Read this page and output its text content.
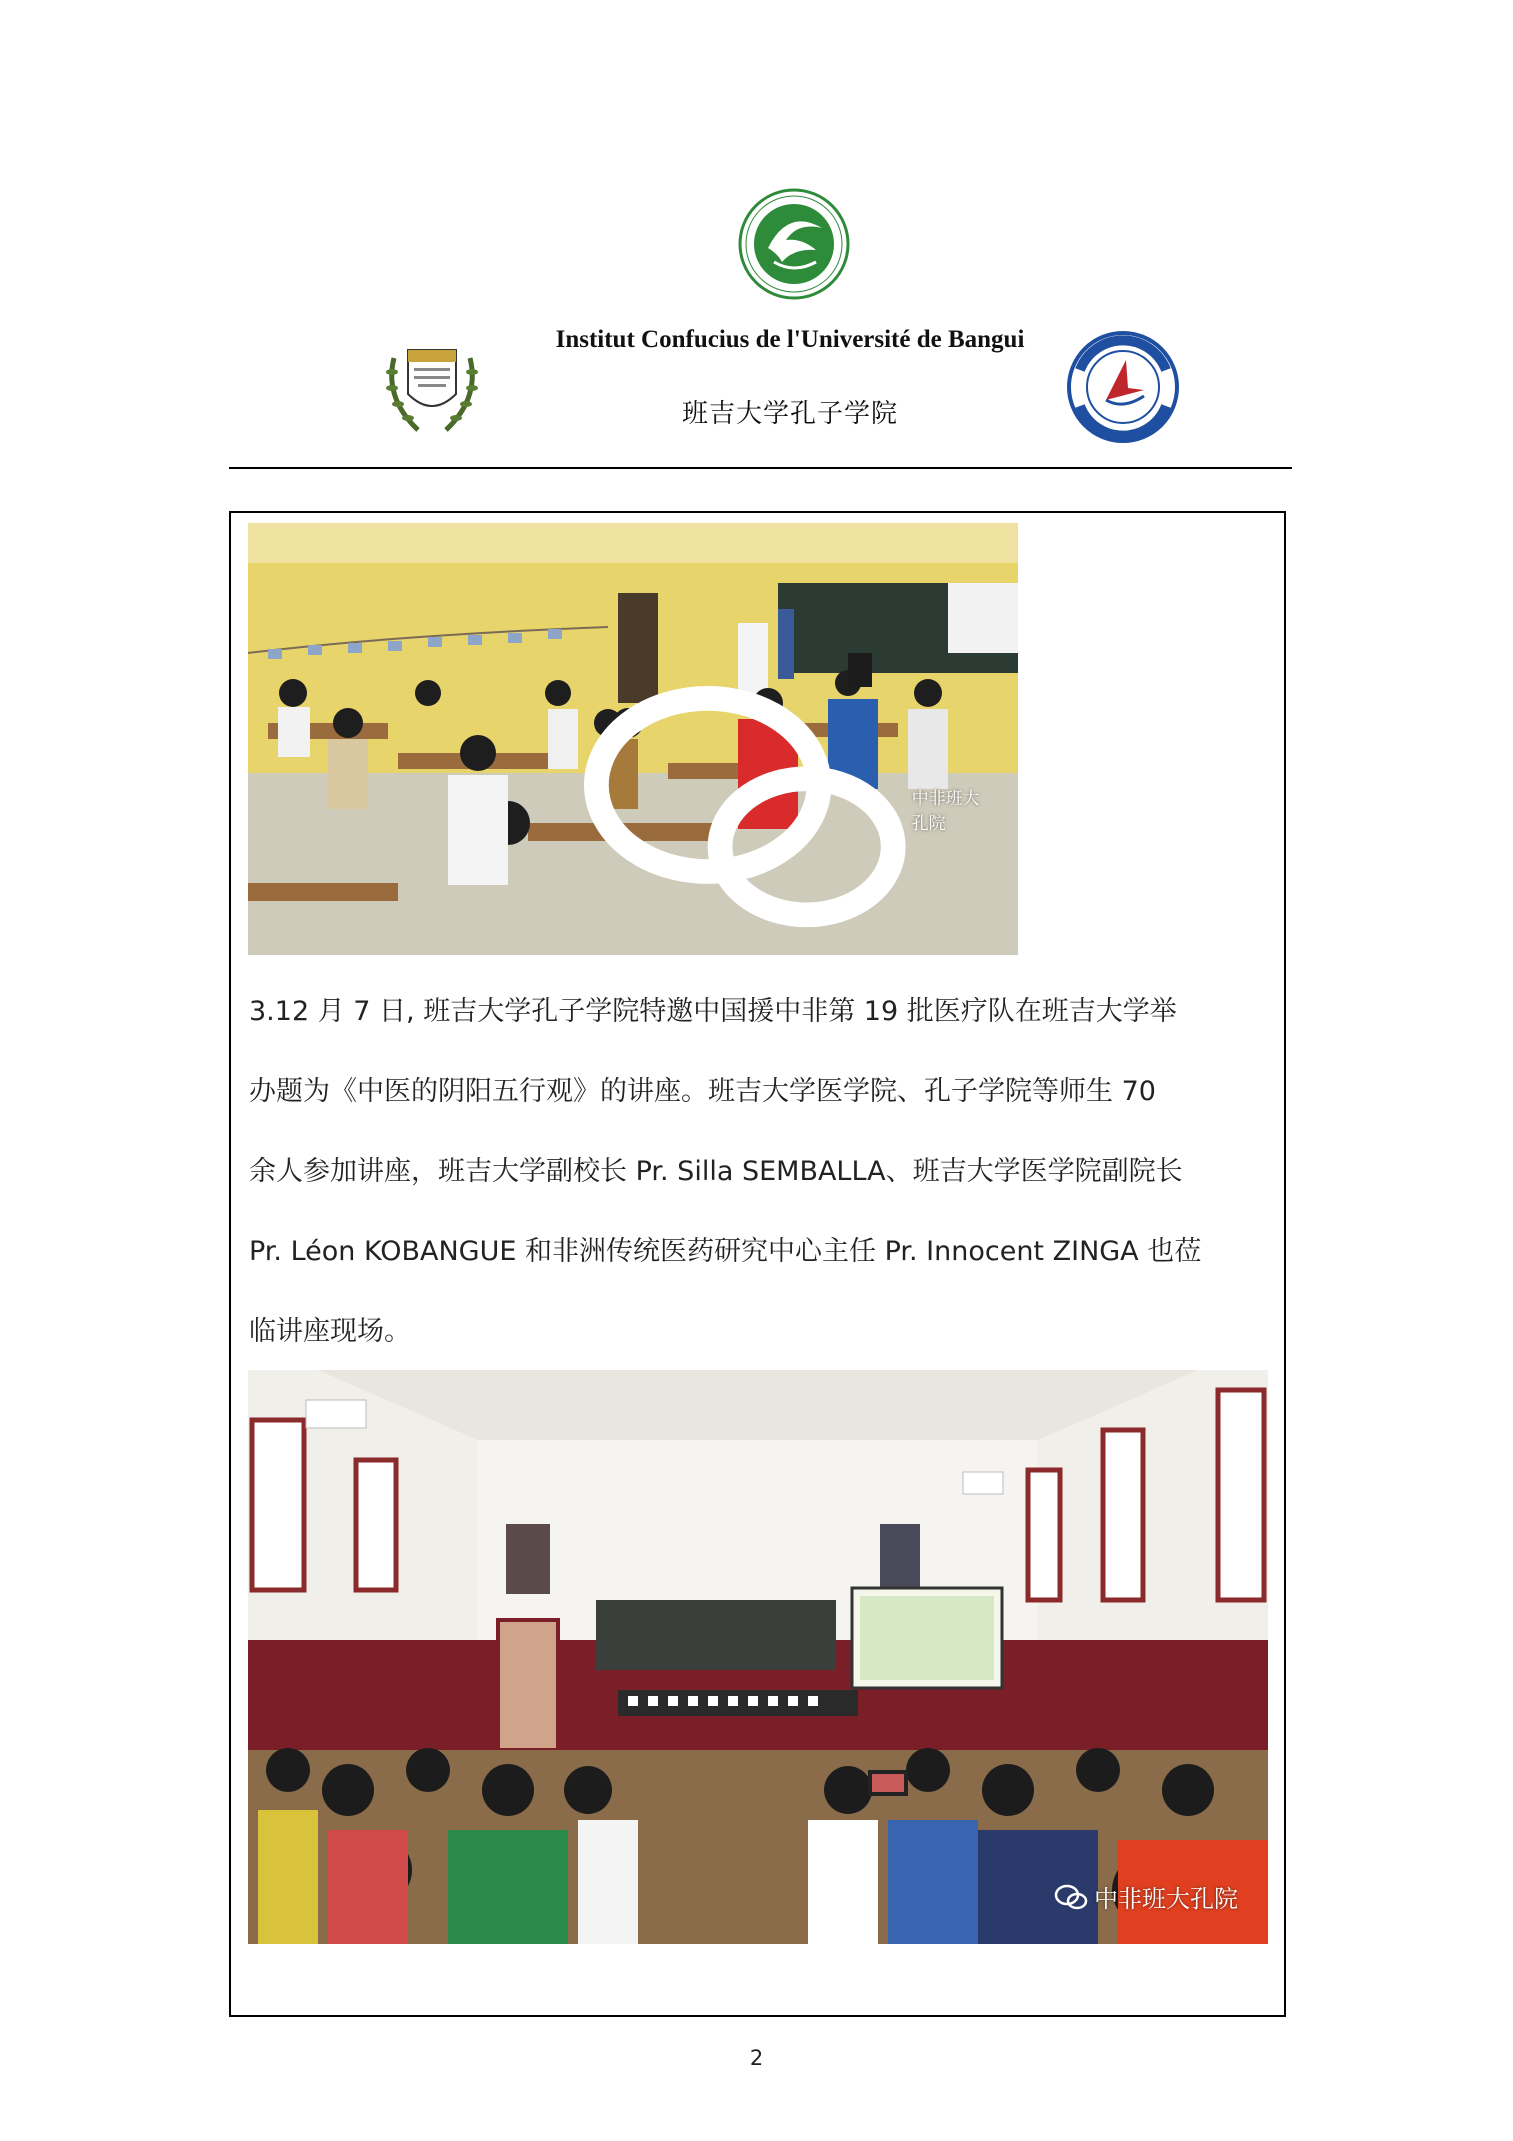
Institut Confucius de l'Université de Bangui
班吉大学孔子学院
中非班大孔院
3.12 月 7 日, 班吉大学孔子学院特邀中国援中非第 19 批医疗队在班吉大学举
办题为《中医的阴阳五行观》的讲座。班吉大学医学院、孔子学院等师生 70
余人参加讲座，班吉大学副校长 Pr. Silla SEMBALLA、班吉大学医学院副院长
Pr. Léon KOBANGUE 和非洲传统医药研究中心主任 Pr. Innocent ZINGA 也莅
临讲座现场。
中非班大孔院
2
